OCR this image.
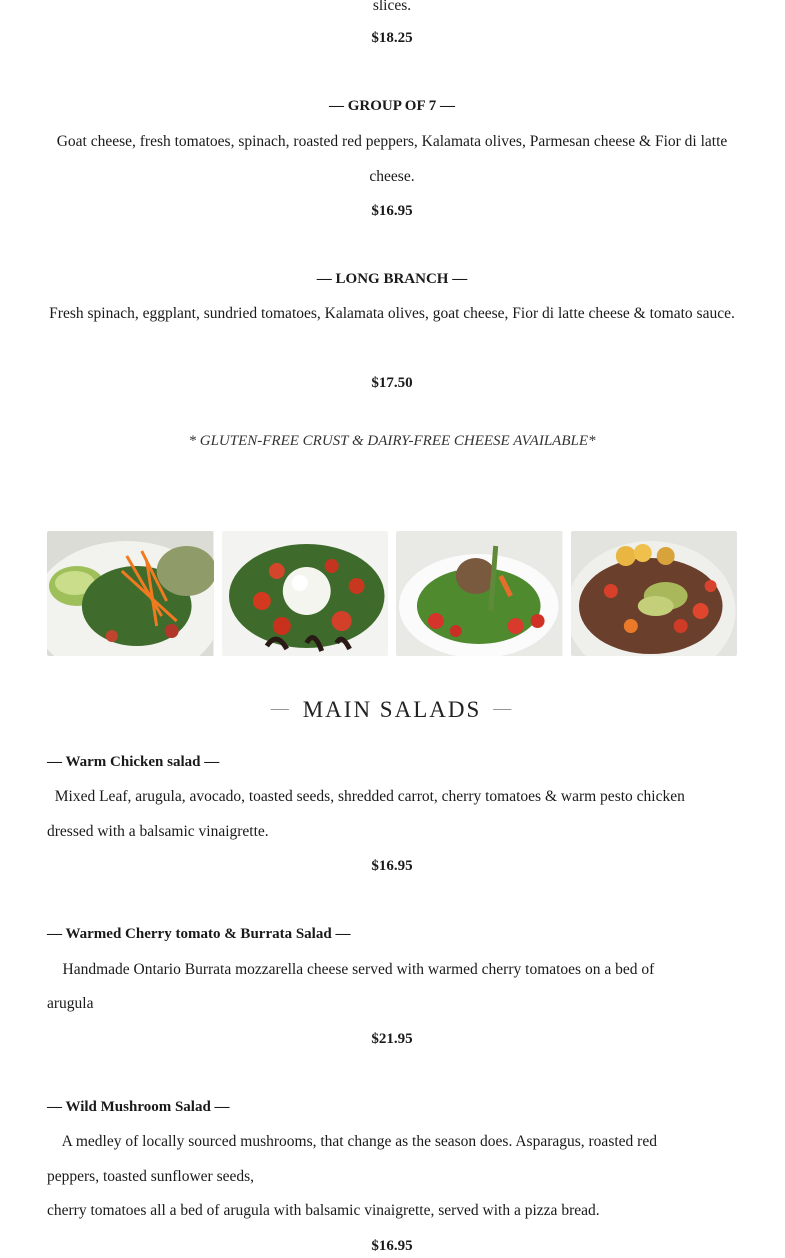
slices.

$18.25

— GROUP OF 7 —

Goat cheese, fresh tomatoes, spinach, roasted red peppers, Kalamata olives, Parmesan cheese & Fior di latte cheese.

$16.95

— LONG BRANCH —

Fresh spinach, eggplant, sundried tomatoes, Kalamata olives, goat cheese, Fior di latte cheese & tomato sauce.

$17.50

* GLUTEN-FREE CRUST & DAIRY-FREE CHEESE AVAILABLE*

— MAIN SALADS —

— Warm Chicken salad —

Mixed Leaf, arugula, avocado, toasted seeds, shredded carrot, cherry tomatoes & warm pesto chicken

dressed with a balsamic vinaigrette.

$16.95

— Warmed Cherry tomato & Burrata Salad —

Handmade Ontario Burrata mozzarella cheese served with warmed cherry tomatoes on a bed of

arugula

$21.95

— Wild Mushroom Salad —

A medley of locally sourced mushrooms, that change as the season does. Asparagus, roasted red

peppers, toasted sunflower seeds,

cherry tomatoes all a bed of arugula with balsamic vinaigrette, served with a pizza bread.

$16.95
